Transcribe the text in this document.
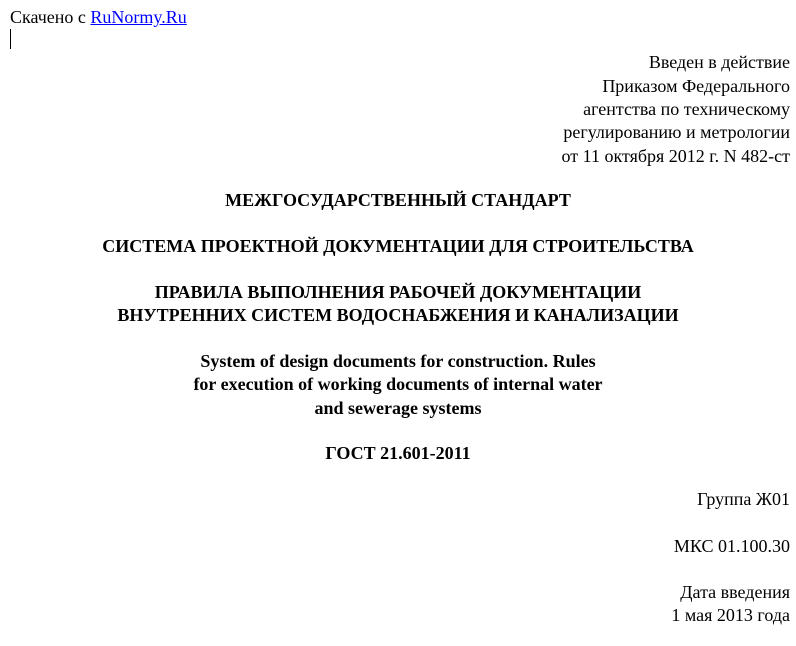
Скачено с RuNormy.Ru
Введен в действие
Приказом Федерального
агентства по техническому
регулированию и метрологии
от 11 октября 2012 г. N 482-ст
МЕЖГОСУДАРСТВЕННЫЙ СТАНДАРТ
СИСТЕМА ПРОЕКТНОЙ ДОКУМЕНТАЦИИ ДЛЯ СТРОИТЕЛЬСТВА
ПРАВИЛА ВЫПОЛНЕНИЯ РАБОЧЕЙ ДОКУМЕНТАЦИИ
ВНУТРЕННИХ СИСТЕМ ВОДОСНАБЖЕНИЯ И КАНАЛИЗАЦИИ
System of design documents for construction. Rules
for execution of working documents of internal water
and sewerage systems
ГОСТ 21.601-2011
Группа Ж01
МКС 01.100.30
Дата введения
1 мая 2013 года
